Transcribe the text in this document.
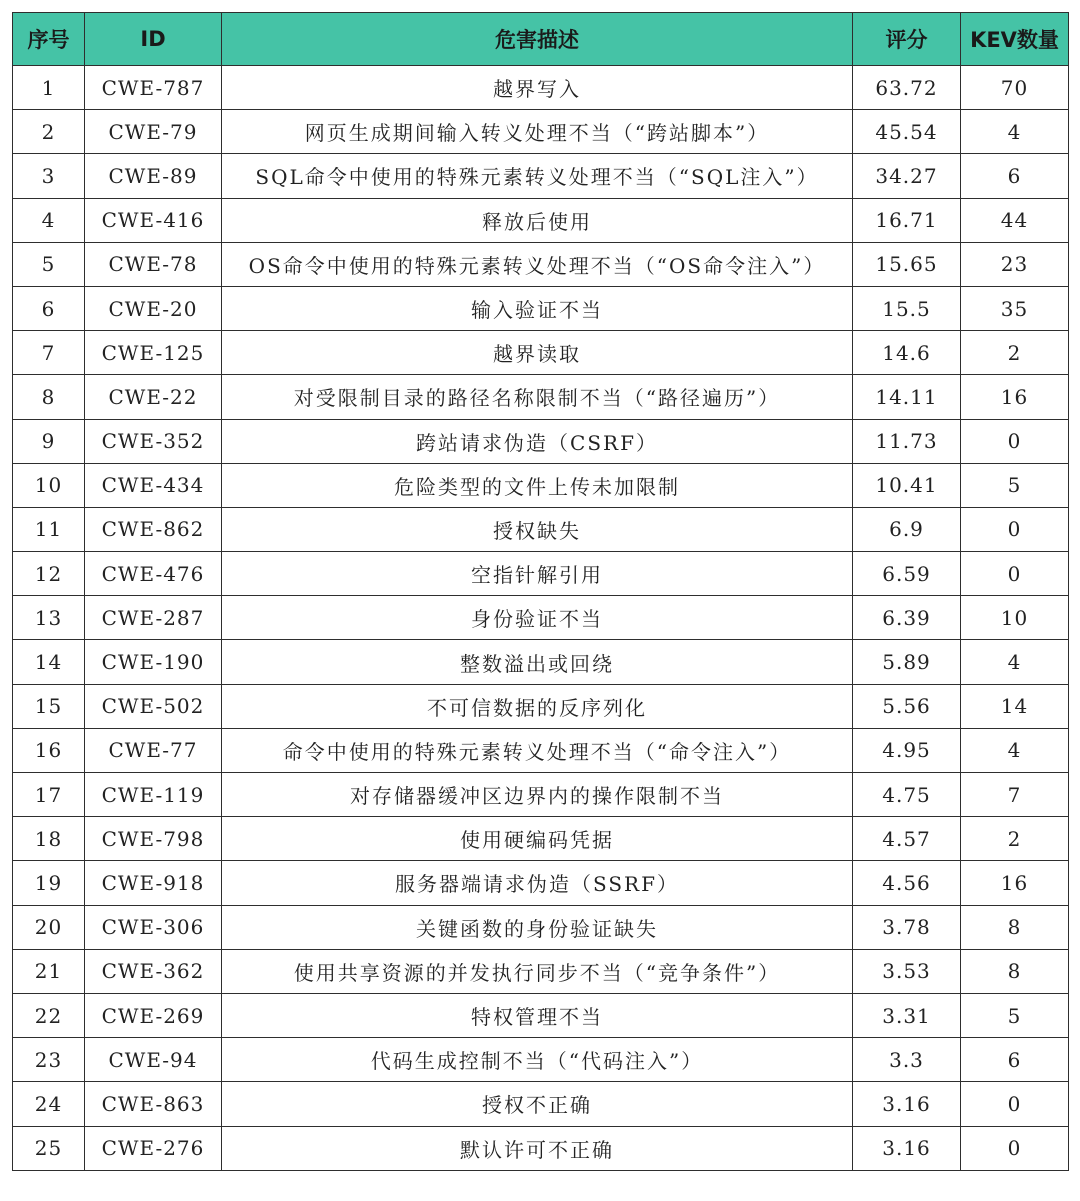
序号	ID	危害描述	评分	KEV数量
1	CWE-787	越界写入	63.72	70
2	CWE-79	网页生成期间输入转义处理不当（“跨站脚本”）	45.54	4
3	CWE-89	SQL命令中使用的特殊元素转义处理不当（“SQL注入”）	34.27	6
4	CWE-416	释放后使用	16.71	44
5	CWE-78	OS命令中使用的特殊元素转义处理不当（“OS命令注入”）	15.65	23
6	CWE-20	输入验证不当	15.5	35
7	CWE-125	越界读取	14.6	2
8	CWE-22	对受限制目录的路径名称限制不当（“路径遍历”）	14.11	16
9	CWE-352	跨站请求伪造（CSRF）	11.73	0
10	CWE-434	危险类型的文件上传未加限制	10.41	5
11	CWE-862	授权缺失	6.9	0
12	CWE-476	空指针解引用	6.59	0
13	CWE-287	身份验证不当	6.39	10
14	CWE-190	整数溢出或回绕	5.89	4
15	CWE-502	不可信数据的反序列化	5.56	14
16	CWE-77	命令中使用的特殊元素转义处理不当（“命令注入”）	4.95	4
17	CWE-119	对存储器缓冲区边界内的操作限制不当	4.75	7
18	CWE-798	使用硬编码凭据	4.57	2
19	CWE-918	服务器端请求伪造（SSRF）	4.56	16
20	CWE-306	关键函数的身份验证缺失	3.78	8
21	CWE-362	使用共享资源的并发执行同步不当（“竞争条件”）	3.53	8
22	CWE-269	特权管理不当	3.31	5
23	CWE-94	代码生成控制不当（“代码注入”）	3.3	6
24	CWE-863	授权不正确	3.16	0
25	CWE-276	默认许可不正确	3.16	0
